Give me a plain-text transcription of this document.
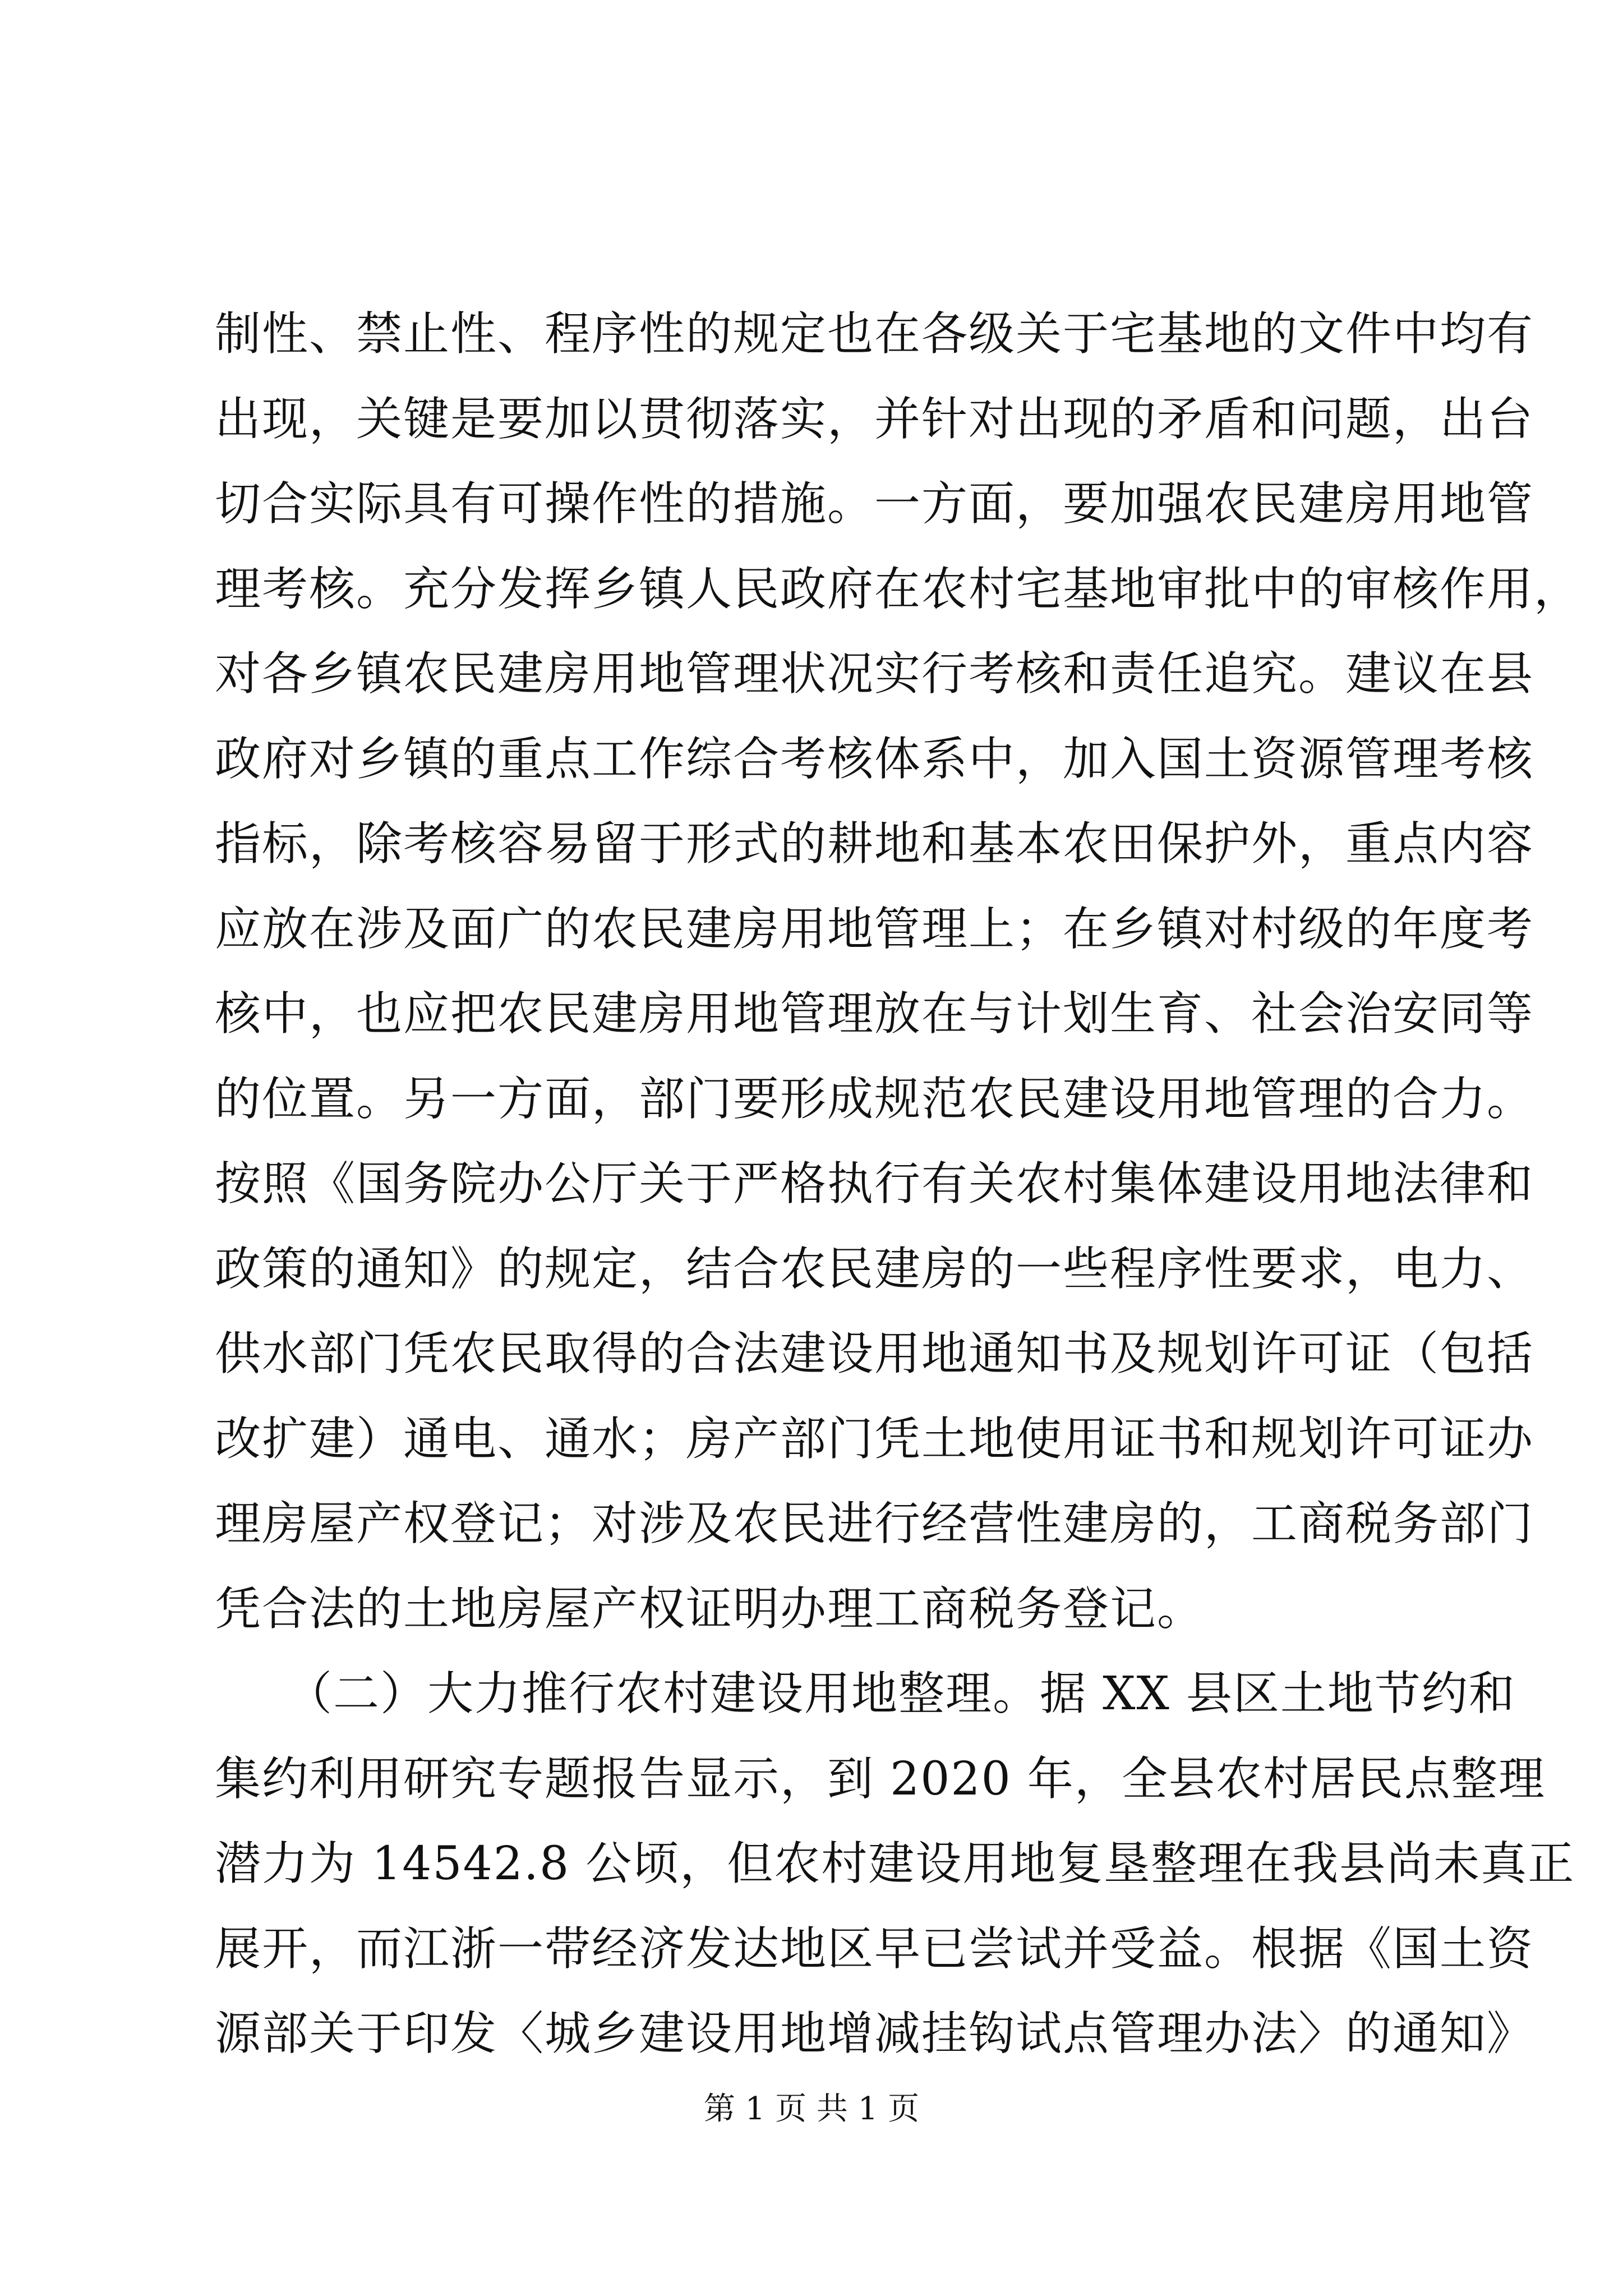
制性、禁止性、程序性的规定也在各级关于宅基地的文件中均有
出现，关键是要加以贯彻落实，并针对出现的矛盾和问题，出台
切合实际具有可操作性的措施。一方面，要加强农民建房用地管
理考核。充分发挥乡镇人民政府在农村宅基地审批中的审核作用，
对各乡镇农民建房用地管理状况实行考核和责任追究。建议在县
政府对乡镇的重点工作综合考核体系中，加入国土资源管理考核
指标，除考核容易留于形式的耕地和基本农田保护外，重点内容
应放在涉及面广的农民建房用地管理上；在乡镇对村级的年度考
核中，也应把农民建房用地管理放在与计划生育、社会治安同等
的位置。另一方面，部门要形成规范农民建设用地管理的合力。
按照《国务院办公厅关于严格执行有关农村集体建设用地法律和
政策的通知》的规定，结合农民建房的一些程序性要求，电力、
供水部门凭农民取得的合法建设用地通知书及规划许可证（包括
改扩建）通电、通水；房产部门凭土地使用证书和规划许可证办
理房屋产权登记；对涉及农民进行经营性建房的，工商税务部门
凭合法的土地房屋产权证明办理工商税务登记。
　　（二）大力推行农村建设用地整理。据 XX 县区土地节约和
集约利用研究专题报告显示，到 2020 年，全县农村居民点整理
潜力为 14542.8 公顷，但农村建设用地复垦整理在我县尚未真正
展开，而江浙一带经济发达地区早已尝试并受益。根据《国土资
源部关于印发〈城乡建设用地增减挂钩试点管理办法〉的通知》
第 1 页 共 1 页
